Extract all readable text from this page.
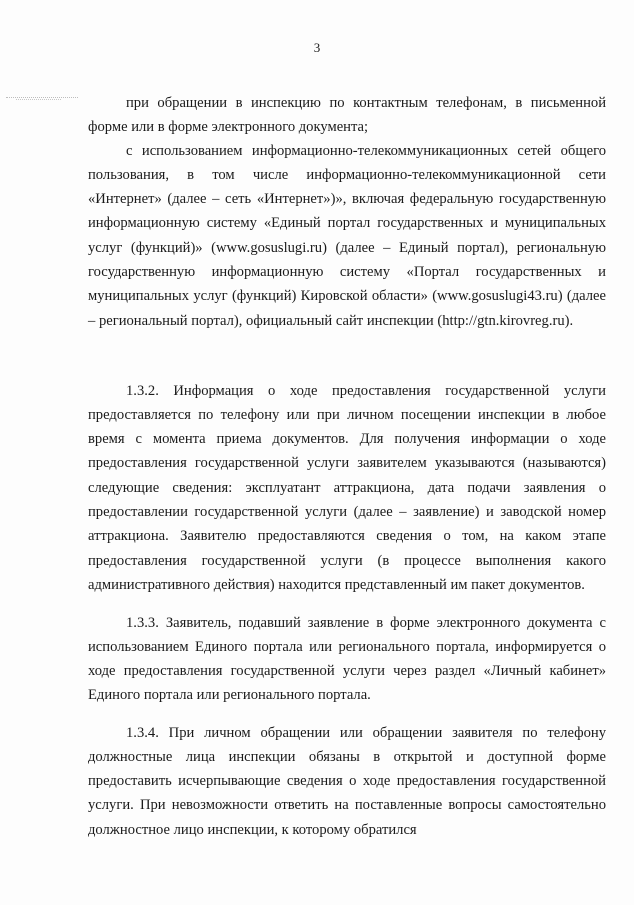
3

при обращении в инспекцию по контактным телефонам, в письменной форме или в форме электронного документа;

с использованием информационно-телекоммуникационных сетей общего пользования, в том числе информационно-телекоммуникационной сети «Интернет» (далее – сеть «Интернет»)», включая федеральную государственную информационную систему «Единый портал государственных и муниципальных услуг (функций)» (www.gosuslugi.ru) (далее – Единый портал), региональную государственную информационную систему «Портал государственных и муниципальных услуг (функций) Кировской области» (www.gosuslugi43.ru) (далее – региональный портал), официальный сайт инспекции (http://gtn.kirovreg.ru).

1.3.2. Информация о ходе предоставления государственной услуги предоставляется по телефону или при личном посещении инспекции в любое время с момента приема документов. Для получения информации о ходе предоставления государственной услуги заявителем указываются (называются) следующие сведения: эксплуатант аттракциона, дата подачи заявления о предоставлении государственной услуги (далее – заявление) и заводской номер аттракциона. Заявителю предоставляются сведения о том, на каком этапе предоставления государственной услуги (в процессе выполнения какого административного действия) находится представленный им пакет документов.

1.3.3. Заявитель, подавший заявление в форме электронного документа с использованием Единого портала или регионального портала, информируется о ходе предоставления государственной услуги через раздел «Личный кабинет» Единого портала или регионального портала.

1.3.4. При личном обращении или обращении заявителя по телефону должностные лица инспекции обязаны в открытой и доступной форме предоставить исчерпывающие сведения о ходе предоставления государственной услуги. При невозможности ответить на поставленные вопросы самостоятельно должностное лицо инспекции, к которому обратился
